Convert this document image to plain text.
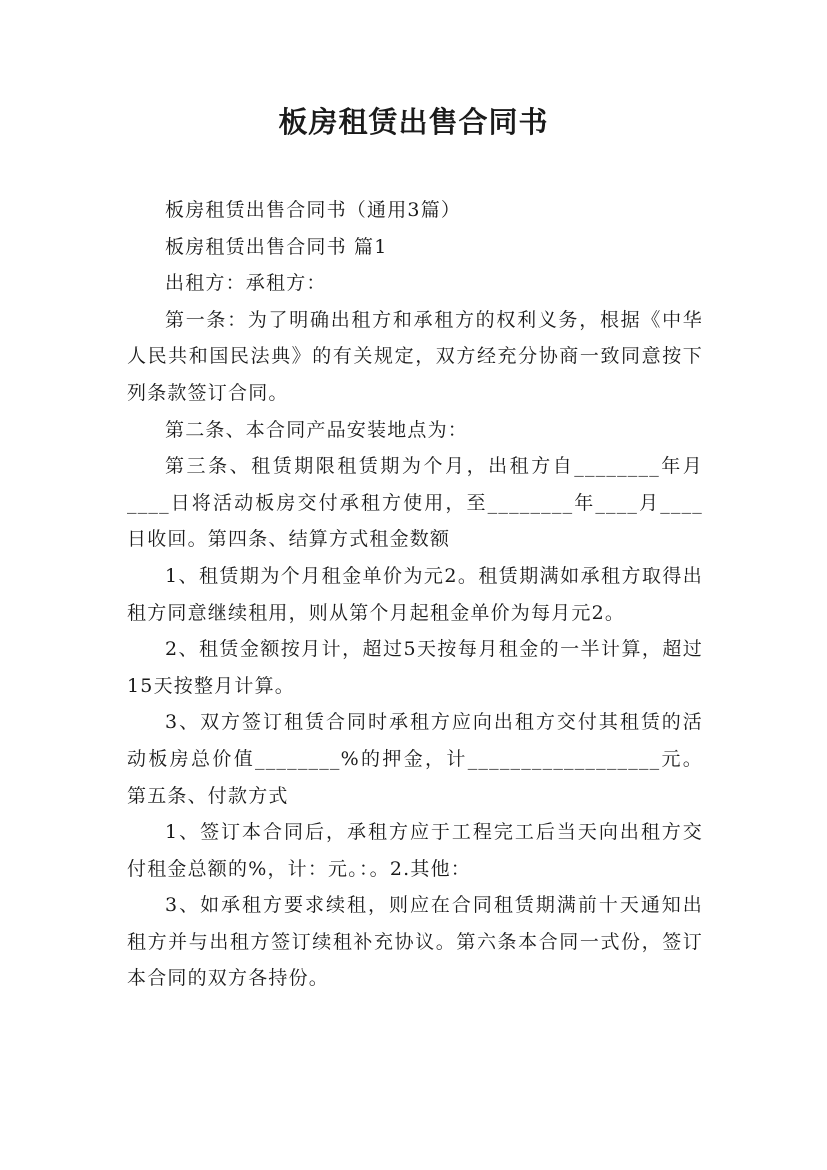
板房租赁出售合同书

板房租赁出售合同书（通用3篇）

板房租赁出售合同书 篇1

出租方：承租方：

第一条：为了明确出租方和承租方的权利义务，根据《中华人民共和国民法典》的有关规定，双方经充分协商一致同意按下列条款签订合同。

第二条、本合同产品安装地点为：

第三条、租赁期限租赁期为个月，出租方自________年月____日将活动板房交付承租方使用，至________年____月____日收回。第四条、结算方式租金数额

1、租赁期为个月租金单价为元2。租赁期满如承租方取得出租方同意继续租用，则从第个月起租金单价为每月元2。

2、租赁金额按月计，超过5天按每月租金的一半计算，超过15天按整月计算。

3、双方签订租赁合同时承租方应向出租方交付其租赁的活动板房总价值________%的押金，计__________________元。第五条、付款方式

1、签订本合同后，承租方应于工程完工后当天向出租方交付租金总额的%，计：元。：。2.其他：

3、如承租方要求续租，则应在合同租赁期满前十天通知出租方并与出租方签订续租补充协议。第六条本合同一式份，签订本合同的双方各持份。
